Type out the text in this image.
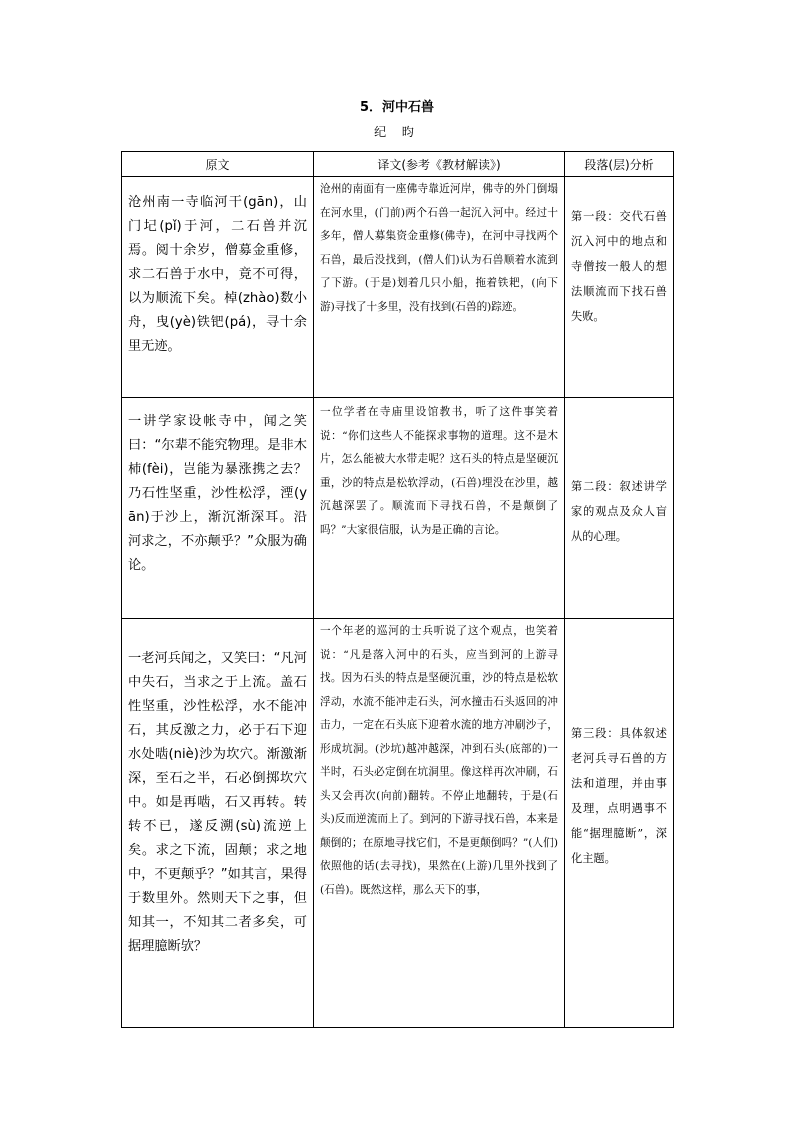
5．河中石兽
纪 昀
原文	译文(参考《教材解读》)	段落(层)分析

沧州南一寺临河干(gān)，山门圮(pǐ)于河，二石兽并沉焉。阅十余岁，僧募金重修，求二石兽于水中，竟不可得，以为顺流下矣。棹(zhào)数小舟，曳(yè)铁钯(pá)，寻十余里无迹。	沧州的南面有一座佛寺靠近河岸，佛寺的外门倒塌在河水里，(门前)两个石兽一起沉入河中。经过十多年，僧人募集资金重修(佛寺)，在河中寻找两个石兽，最后没找到，(僧人们)认为石兽顺着水流到了下游。(于是)划着几只小船，拖着铁耙，(向下游)寻找了十多里，没有找到(石兽的)踪迹。	第一段：交代石兽沉入河中的地点和寺僧按一般人的想法顺流而下找石兽失败。

一讲学家设帐寺中，闻之笑曰：“尔辈不能究物理。是非木杮(fèi)，岂能为暴涨携之去？乃石性坚重，沙性松浮，湮(yān)于沙上，渐沉渐深耳。沿河求之，不亦颠乎？”众服为确论。	一位学者在寺庙里设馆教书，听了这件事笑着说：“你们这些人不能探求事物的道理。这不是木片，怎么能被大水带走呢？这石头的特点是坚硬沉重，沙的特点是松软浮动，(石兽)埋没在沙里，越沉越深罢了。顺流而下寻找石兽，不是颠倒了吗？”大家很信服，认为是正确的言论。	第二段：叙述讲学家的观点及众人盲从的心理。

一老河兵闻之，又笑曰：“凡河中失石，当求之于上流。盖石性坚重，沙性松浮，水不能冲石，其反激之力，必于石下迎水处啮(niè)沙为坎穴。渐激渐深，至石之半，石必倒掷坎穴中。如是再啮，石又再转。转转不已，遂反溯(sù)流逆上矣。求之下流，固颠；求之地中，不更颠乎？”如其言，果得于数里外。然则天下之事，但知其一，不知其二者多矣，可据理臆断欤？	一个年老的巡河的士兵听说了这个观点，也笑着说：“凡是落入河中的石头，应当到河的上游寻找。因为石头的特点是坚硬沉重，沙的特点是松软浮动，水流不能冲走石头，河水撞击石头返回的冲击力，一定在石头底下迎着水流的地方冲刷沙子，形成坑洞。(沙坑)越冲越深，冲到石头(底部的)一半时，石头必定倒在坑洞里。像这样再次冲刷，石头又会再次(向前)翻转。不停止地翻转，于是(石头)反而逆流而上了。到河的下游寻找石兽，本来是颠倒的；在原地寻找它们，不是更颠倒吗？”(人们)依照他的话(去寻找)，果然在(上游)几里外找到了(石兽)。既然这样，那么天下的事，	第三段：具体叙述老河兵寻石兽的方法和道理，并由事及理，点明遇事不能“据理臆断”，深化主题。
